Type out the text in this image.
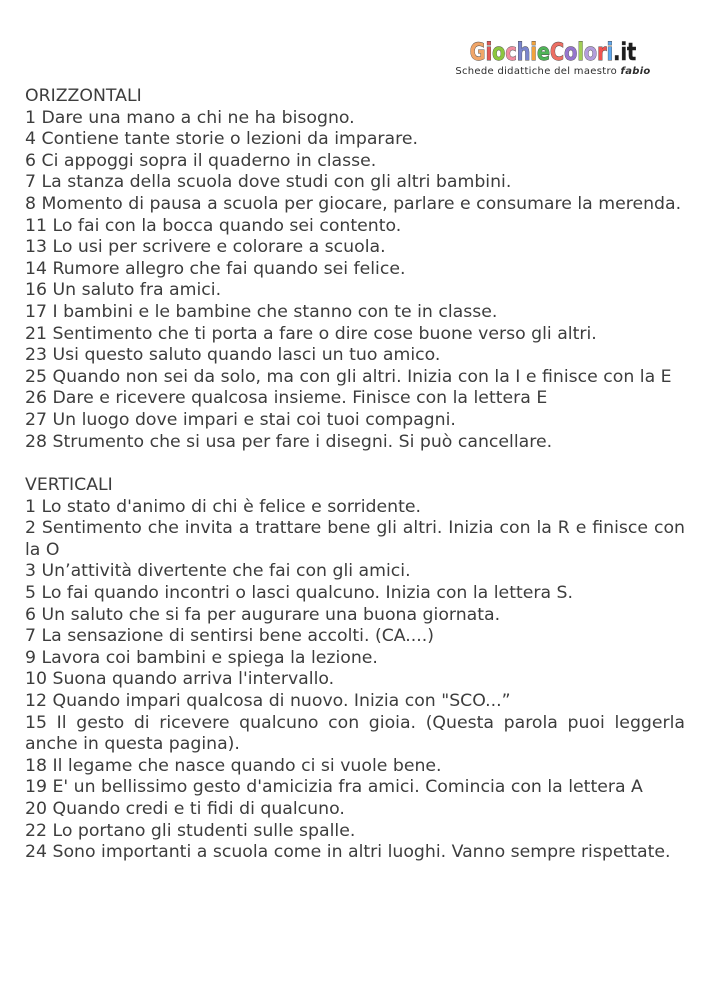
GiochieColori.it
Schede didattiche del maestro fabio
ORIZZONTALI

1 Dare una mano a chi ne ha bisogno.

4 Contiene tante storie o lezioni da imparare.

6 Ci appoggi sopra il quaderno in classe.

7 La stanza della scuola dove studi con gli altri bambini.

8 Momento di pausa a scuola per giocare, parlare e consumare la merenda.

11 Lo fai con la bocca quando sei contento.

13 Lo usi per scrivere e colorare a scuola.

14 Rumore allegro che fai quando sei felice.

16 Un saluto fra amici.

17 I bambini e le bambine che stanno con te in classe.

21 Sentimento che ti porta a fare o dire cose buone verso gli altri.

23 Usi questo saluto quando lasci un tuo amico.

25 Quando non sei da solo, ma con gli altri. Inizia con la I e finisce con la E

26 Dare e ricevere qualcosa insieme. Finisce con la lettera E

27 Un luogo dove impari e stai coi tuoi compagni.

28 Strumento che si usa per fare i disegni. Si può cancellare.

VERTICALI

1 Lo stato d'animo di chi è felice e sorridente.

2 Sentimento che invita a trattare bene gli altri. Inizia con la R e finisce con la O

3 Un’attività divertente che fai con gli amici.

5 Lo fai quando incontri o lasci qualcuno. Inizia con la lettera S.

6 Un saluto che si fa per augurare una buona giornata.

7 La sensazione di sentirsi bene accolti. (CA....)

9 Lavora coi bambini e spiega la lezione.

10 Suona quando arriva l'intervallo.

12 Quando impari qualcosa di nuovo. Inizia con "SCO...”

15 Il gesto di ricevere qualcuno con gioia. (Questa parola puoi leggerla anche in questa pagina).

18 Il legame che nasce quando ci si vuole bene.

19 E' un bellissimo gesto d'amicizia fra amici. Comincia con la lettera A

20 Quando credi e ti fidi di qualcuno.

22 Lo portano gli studenti sulle spalle.

24 Sono importanti a scuola come in altri luoghi. Vanno sempre rispettate.
